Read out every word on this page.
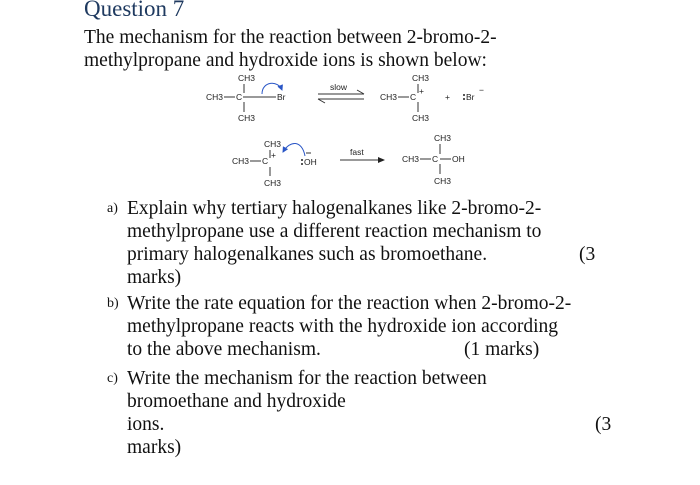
Question 7
The mechanism for the reaction between 2-bromo-2-
methylpropane and hydroxide ions is shown below:
CH3
CH3 C	Br
CH3
slow
CH3
CH3 C
+
CH3
+ Br
−
CH3
CH3 C
+
CH3
OH
fast
CH3
CH3 C OH
CH3
a) Explain why tertiary halogenalkanes like 2-bromo-2-
methylpropane use a different reaction mechanism to
primary halogenalkanes such as bromoethane.	(3
marks)
b) Write the rate equation for the reaction when 2-bromo-2-
methylpropane reacts with the hydroxide ion according
to the above mechanism.	(1 marks)
c) Write the mechanism for the reaction between
bromoethane and hydroxide
ions.	(3
marks)
